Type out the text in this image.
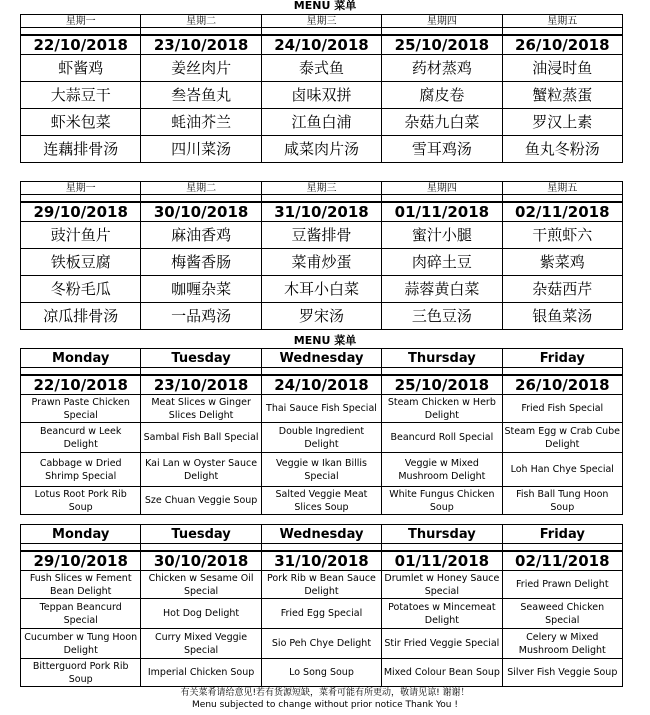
MENU 菜单
星期一	星期二	星期三	星期四	星期五

22/10/2018	23/10/2018	24/10/2018	25/10/2018	26/10/2018
虾酱鸡	姜丝肉片	泰式鱼	药材蒸鸡	油浸时鱼
大蒜豆干	叁峇鱼丸	卤味双拼	腐皮卷	蟹粒蒸蛋
虾米包菜	蚝油芥兰	江鱼白浦	杂菇九白菜	罗汉上素
连藕排骨汤	四川菜汤	咸菜肉片汤	雪耳鸡汤	鱼丸冬粉汤
星期一	星期二	星期三	星期四	星期五

29/10/2018	30/10/2018	31/10/2018	01/11/2018	02/11/2018
豉汁鱼片	麻油香鸡	豆酱排骨	蜜汁小腿	干煎虾六
铁板豆腐	梅酱香肠	菜甫炒蛋	肉碎土豆	紫菜鸡
冬粉毛瓜	咖喱杂菜	木耳小白菜	蒜蓉黄白菜	杂菇西芹
凉瓜排骨汤	一品鸡汤	罗宋汤	三色豆汤	银鱼菜汤
MENU 菜单
Monday	Tuesday	Wednesday	Thursday	Friday

22/10/2018	23/10/2018	24/10/2018	25/10/2018	26/10/2018
Prawn Paste Chicken Special	Meat Slices w Ginger Slices Delight	Thai Sauce Fish Special	Steam Chicken w Herb Delight	Fried Fish Special
Beancurd w Leek Delight	Sambal Fish Ball Special	Double Ingredient Delight	Beancurd Roll Special	Steam Egg w Crab Cube Delight
Cabbage w Dried Shrimp Special	Kai Lan w Oyster Sauce Delight	Veggie w Ikan Billis Special	Veggie w Mixed Mushroom Delight	Loh Han Chye Special
Lotus Root Pork Rib Soup	Sze Chuan Veggie Soup	Salted Veggie Meat Slices Soup	White Fungus Chicken Soup	Fish Ball Tung Hoon Soup
Monday	Tuesday	Wednesday	Thursday	Friday

29/10/2018	30/10/2018	31/10/2018	01/11/2018	02/11/2018
Fush Slices w Fement Bean Delight	Chicken w Sesame Oil Special	Pork Rib w Bean Sauce Delight	Drumlet w Honey Sauce Special	Fried Prawn Delight
Teppan Beancurd Special	Hot Dog Delight	Fried Egg Special	Potatoes w Mincemeat Delight	Seaweed Chicken Special
Cucumber w Tung Hoon Delight	Curry Mixed Veggie Special	Sio Peh Chye Delight	Stir Fried Veggie Special	Celery w Mixed Mushroom Delight
Bitterguord Pork Rib Soup	Imperial Chicken Soup	Lo Song Soup	Mixed Colour Bean Soup	Silver Fish Veggie Soup
有关菜肴请给意见!若有货源短缺，菜肴可能有所更动，敬请见谅! 谢谢！
Menu subjected to change without prior notice Thank You !
